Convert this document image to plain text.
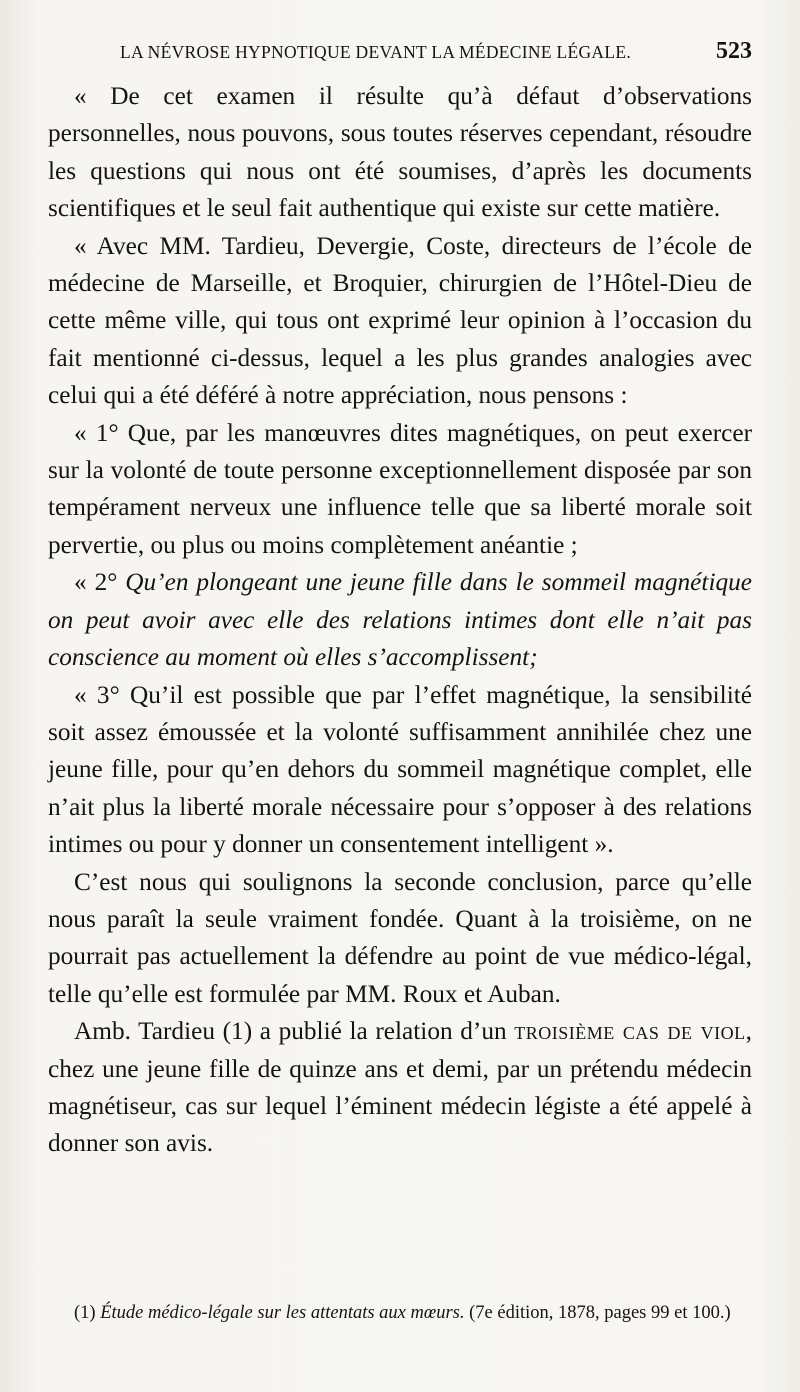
LA NÉVROSE HYPNOTIQUE DEVANT LA MÉDECINE LÉGALE.	523

« De cet examen il résulte qu’à défaut d’observations personnelles, nous pouvons, sous toutes réserves cependant, résoudre les questions qui nous ont été soumises, d’après les documents scientifiques et le seul fait authentique qui existe sur cette matière.

« Avec MM. Tardieu, Devergie, Coste, directeurs de l’école de médecine de Marseille, et Broquier, chirurgien de l’Hôtel-Dieu de cette même ville, qui tous ont exprimé leur opinion à l’occasion du fait mentionné ci-dessus, lequel a les plus grandes analogies avec celui qui a été déféré à notre appréciation, nous pensons :

« 1° Que, par les manœuvres dites magnétiques, on peut exercer sur la volonté de toute personne exceptionnellement disposée par son tempérament nerveux une influence telle que sa liberté morale soit pervertie, ou plus ou moins complètement anéantie ;

« 2° Qu’en plongeant une jeune fille dans le sommeil magnétique on peut avoir avec elle des relations intimes dont elle n’ait pas conscience au moment où elles s’accomplissent;

« 3° Qu’il est possible que par l’effet magnétique, la sensibilité soit assez émoussée et la volonté suffisamment annihilée chez une jeune fille, pour qu’en dehors du sommeil magnétique complet, elle n’ait plus la liberté morale nécessaire pour s’opposer à des relations intimes ou pour y donner un consentement intelligent ».

C’est nous qui soulignons la seconde conclusion, parce qu’elle nous paraît la seule vraiment fondée. Quant à la troisième, on ne pourrait pas actuellement la défendre au point de vue médico-légal, telle qu’elle est formulée par MM. Roux et Auban.

Amb. Tardieu (1) a publié la relation d’un troisième cas de viol, chez une jeune fille de quinze ans et demi, par un prétendu médecin magnétiseur, cas sur lequel l’éminent médecin légiste a été appelé à donner son avis.

(1) Étude médico-légale sur les attentats aux mœurs. (7e édition, 1878, pages 99 et 100.)
